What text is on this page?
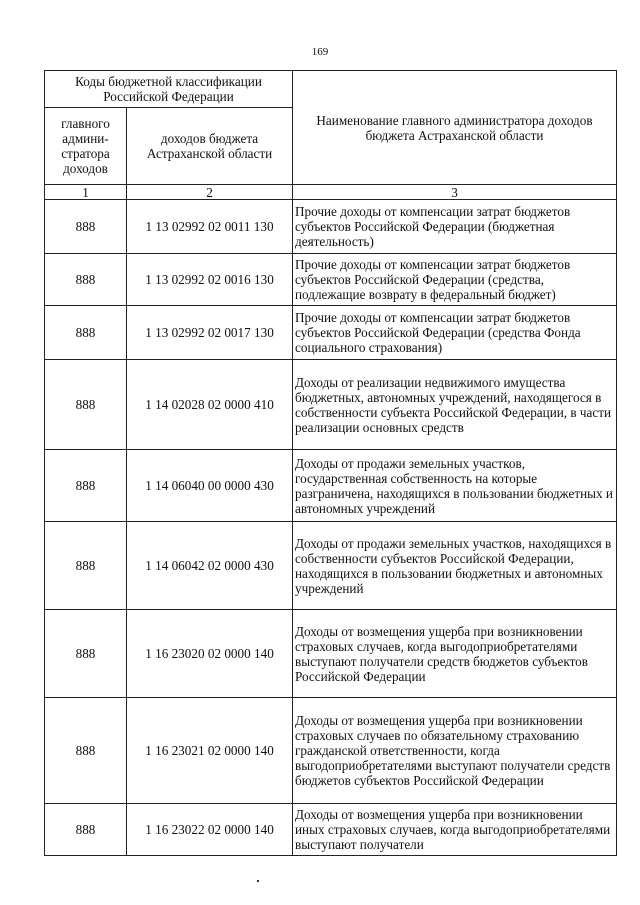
169
Коды бюджетной классификации Российской Федерации		Наименование главного администратора доходов бюджета Астраханской области
главного админи-стратора доходов	доходов бюджета Астраханской области	
1	2	3
888	1 13 02992 02 0011 130	Прочие доходы от компенсации затрат бюджетов субъектов Российской Федерации (бюджетная деятельность)
888	1 13 02992 02 0016 130	Прочие доходы от компенсации затрат бюджетов субъектов Российской Федерации (средства, подлежащие возврату в федеральный бюджет)
888	1 13 02992 02 0017 130	Прочие доходы от компенсации затрат бюджетов субъектов Российской Федерации (средства Фонда социального страхования)
888	1 14 02028 02 0000 410	Доходы от реализации недвижимого имущества бюджетных, автономных учреждений, находящегося в собственности субъекта Российской Федерации, в части реализации основных средств
888	1 14 06040 00 0000 430	Доходы от продажи земельных участков, государственная собственность на которые разграничена, находящихся в пользовании бюджетных и автономных учреждений
888	1 14 06042 02 0000 430	Доходы от продажи земельных участков, находящихся в собственности субъектов Российской Федерации, находящихся в пользовании бюджетных и автономных учреждений
888	1 16 23020 02 0000 140	Доходы от возмещения ущерба при возникновении страховых случаев, когда выгодоприобретателями выступают получатели средств бюджетов субъектов Российской Федерации
888	1 16 23021 02 0000 140	Доходы от возмещения ущерба при возникновении страховых случаев по обязательному страхованию гражданской ответственности, когда выгодоприобретателями выступают получатели средств бюджетов субъектов Российской Федерации
888	1 16 23022 02 0000 140	Доходы от возмещения ущерба при возникновении иных страховых случаев, когда выгодоприобретателями выступают получатели
